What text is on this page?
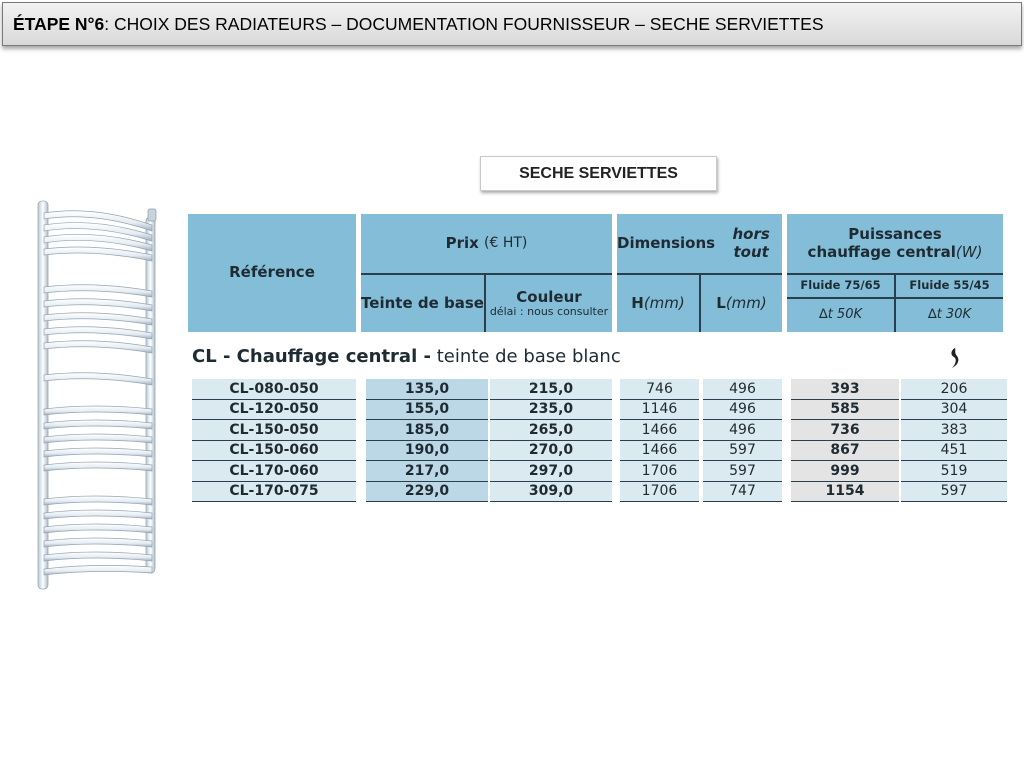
ÉTAPE N°6 : CHOIX DES RADIATEURS – DOCUMENTATION FOURNISSEUR – SECHE SERVIETTES
SECHE SERVIETTES
Référence
Prix
(€ HT)
Teinte de base Couleur
délai : nous consulter
Dimensions
	hors tout
H (mm) L (mm)
Puissances
chauffage central(W)
Fluide 75/65	Fluide 55/45
∆t 50K	∆t 30K
CL - Chauffage central - teinte de base blanc
CL-080-050	135,0	215,0	746	496	393	206
CL-120-050	155,0	235,0	1146	496	585	304
CL-150-050	185,0	265,0	1466	496	736	383
CL-150-060	190,0	270,0	1466	597	867	451
CL-170-060	217,0	297,0	1706	597	999	519
CL-170-075	229,0	309,0	1706	747	1154	597
